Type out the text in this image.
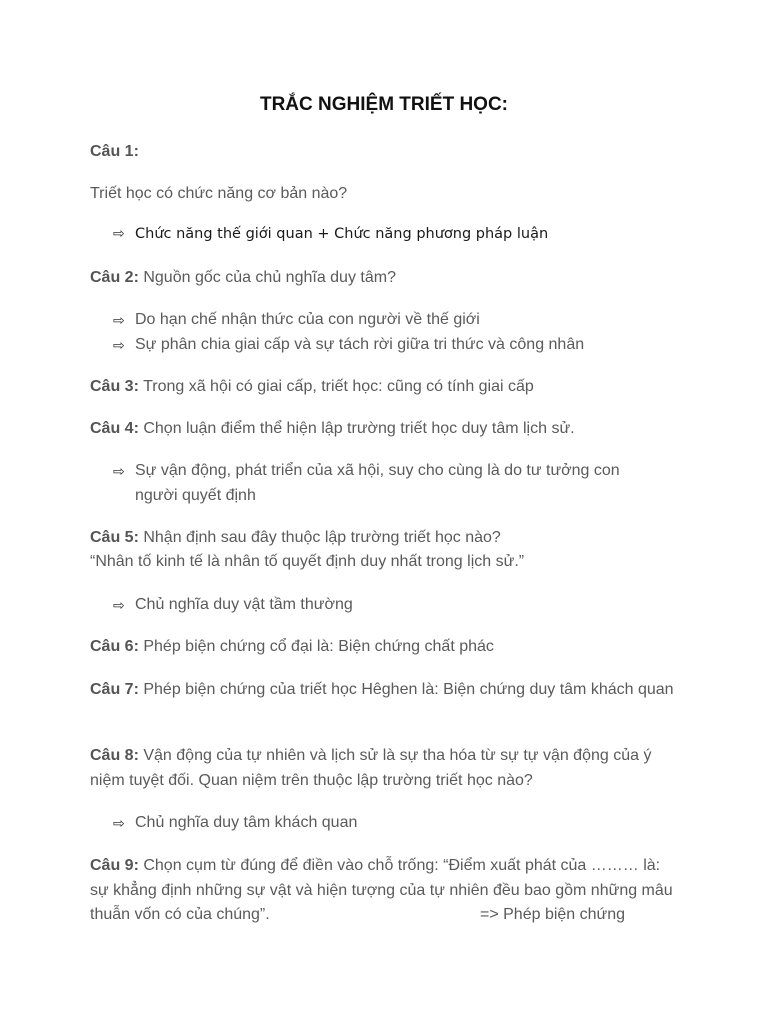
TRẮC NGHIỆM TRIẾT HỌC:
Câu 1:
Triết học có chức năng cơ bản nào?
⇨ Chức năng thế giới quan + Chức năng phương pháp luận
Câu 2: Nguồn gốc của chủ nghĩa duy tâm?
⇨ Do hạn chế nhận thức của con người về thế giới
⇨ Sự phân chia giai cấp và sự tách rời giữa tri thức và công nhân
Câu 3: Trong xã hội có giai cấp, triết học: cũng có tính giai cấp
Câu 4: Chọn luận điểm thể hiện lập trường triết học duy tâm lịch sử.
⇨ Sự vận động, phát triển của xã hội, suy cho cùng là do tư tưởng con người quyết định
Câu 5: Nhận định sau đây thuộc lập trường triết học nào?
“Nhân tố kinh tế là nhân tố quyết định duy nhất trong lịch sử.”
⇨ Chủ nghĩa duy vật tầm thường
Câu 6: Phép biện chứng cổ đại là: Biện chứng chất phác
Câu 7: Phép biện chứng của triết học Hêghen là: Biện chứng duy tâm khách quan
Câu 8: Vận động của tự nhiên và lịch sử là sự tha hóa từ sự tự vận động của ý niệm tuyệt đối. Quan niệm trên thuộc lập trường triết học nào?
⇨ Chủ nghĩa duy tâm khách quan
Câu 9: Chọn cụm từ đúng để điền vào chỗ trống: “Điểm xuất phát của ……… là: sự khẳng định những sự vật và hiện tượng của tự nhiên đều bao gồm những mâu thuẫn vốn có của chúng”.	=> Phép biện chứng
